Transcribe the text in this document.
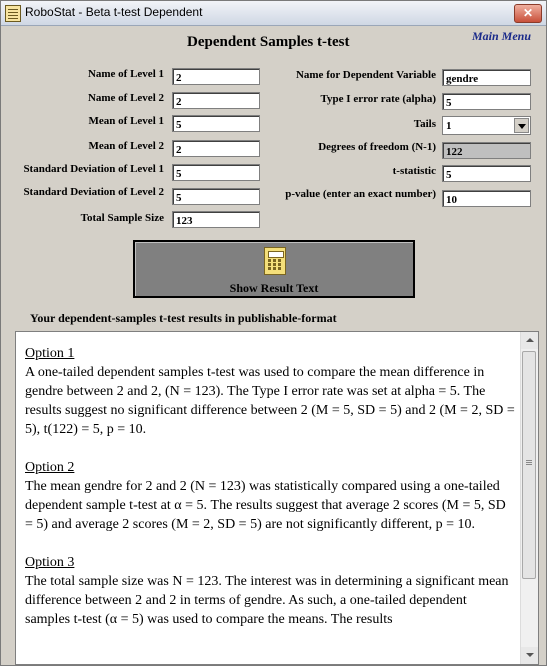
RoboStat - Beta t-test Dependent	✕
Dependent Samples t-test	Main Menu
Name of Level 1	2
Name of Level 2	2
Mean of Level 1	5
Mean of Level 2	2
Standard Deviation of Level 1	5
Standard Deviation of Level 2	5
Total Sample Size	123
Name for Dependent Variable gendre
Type I error rate (alpha) 5
Tails 1
Degrees of freedom (N-1) 122
t-statistic 5
p-value (enter an exact number) 10
Show Result Text
Your dependent-samples t-test results in publishable-format
Option 1
A one-tailed dependent samples t-test was used to compare the mean difference in gendre between 2 and 2, (N = 123). The Type I error rate was set at alpha = 5. The results suggest no significant difference between 2 (M = 5, SD = 5) and 2 (M = 2, SD = 5), t(122) = 5, p = 10.
Option 2
The mean gendre for 2 and 2 (N = 123) was statistically compared using a one-tailed dependent sample t-test at α = 5. The results suggest that average 2 scores (M = 5, SD = 5) and average 2 scores (M = 2, SD = 5) are not significantly different, p = 10.
Option 3
The total sample size was N = 123. The interest was in determining a significant mean difference between 2 and 2 in terms of gendre. As such, a one-tailed dependent samples t-test (α = 5) was used to compare the means. The results
